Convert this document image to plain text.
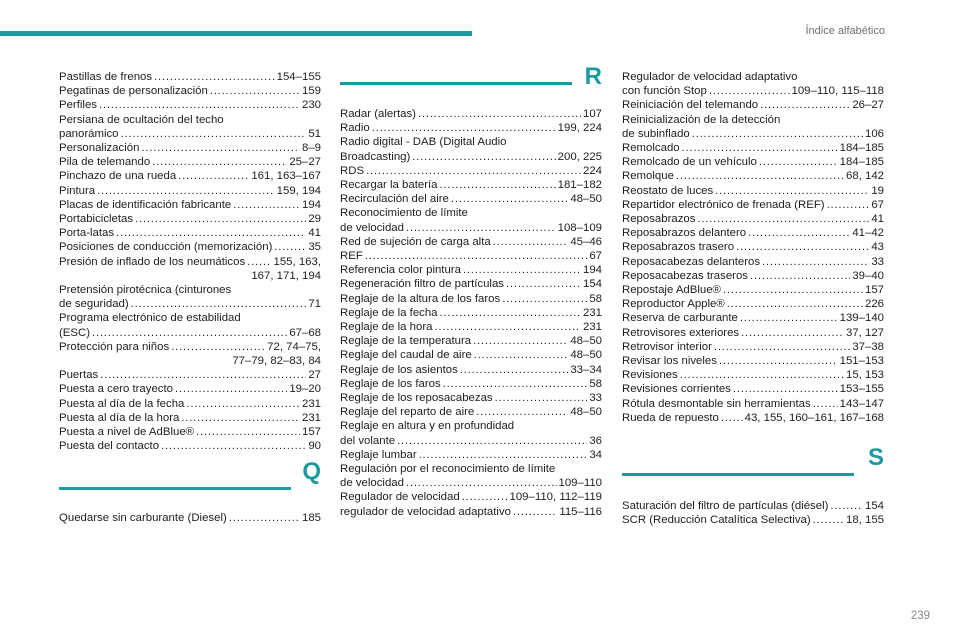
Índice alfabético
Pastillas de frenos . . .	154–155
Pegatinas de personalización . . .	159
Perfiles . . .	230
Persiana de ocultación del techo
panorámico . . .	51
Personalización . . .	8–9
Pila de telemando . . .	25–27
Pinchazo de una rueda . . .	161, 163–167
Pintura . . .	159, 194
Placas de identificación fabricante . . .	194
Portabicicletas . . .	29
Porta-latas . . .	41
Posiciones de conducción (memorización) . . .	35
Presión de inflado de los neumáticos . . . 155, 163,
167, 171, 194
Pretensión pirotécnica (cinturones
de seguridad) . . .	71
Programa electrónico de estabilidad
(ESC) . . .	67–68
Protección para niños . . .	72, 74–75,
77–79, 82–83, 84
Puertas . . .	27
Puesta a cero trayecto . . .	19–20
Puesta al día de la fecha . . .	231
Puesta al día de la hora . . .	231
Puesta a nivel de AdBlue® . . .	157
Puesta del contacto . . .	90
Q
Quedarse sin carburante (Diesel) . . .	185
R
Radar (alertas) . . .	107
Radio . . .	199, 224
Radio digital - DAB (Digital Audio
Broadcasting) . . .	200, 225
RDS . . .	224
Recargar la batería . . .	181–182
Recirculación del aire . . .	48–50
Reconocimiento de límite
de velocidad . . .	108–109
Red de sujeción de carga alta . . .	45–46
REF . . .	67
Referencia color pintura . . .	194
Regeneración filtro de partículas . . .	154
Reglaje de la altura de los faros . . .	58
Reglaje de la fecha . . .	231
Reglaje de la hora . . .	231
Reglaje de la temperatura . . .	48–50
Reglaje del caudal de aire . . .	48–50
Reglaje de los asientos . . .	33–34
Reglaje de los faros . . .	58
Reglaje de los reposacabezas . . .	33
Reglaje del reparto de aire . . .	48–50
Reglaje en altura y en profundidad
del volante . . .	36
Reglaje lumbar . . .	34
Regulación por el reconocimiento de límite
de velocidad . . .	109–110
Regulador de velocidad . . .	109–110, 112–119
regulador de velocidad adaptativo . . .	115–116
Regulador de velocidad adaptativo
con función Stop . . .	109–110, 115–118
Reiniciación del telemando . . .	26–27
Reinicialización de la detección
de subinflado . . .	106
Remolcado . . .	184–185
Remolcado de un vehículo . . .	184–185
Remolque . . .	68, 142
Reostato de luces . . .	19
Repartidor electrónico de frenada (REF) . . .	67
Reposabrazos . . .	41
Reposabrazos delantero . . .	41–42
Reposabrazos trasero . . .	43
Reposacabezas delanteros . . .	33
Reposacabezas traseros . . .	39–40
Repostaje AdBlue® . . .	157
Reproductor Apple® . . .	226
Reserva de carburante . . .	139–140
Retrovisores exteriores . . .	37, 127
Retrovisor interior . . .	37–38
Revisar los niveles . . .	151–153
Revisiones . . .	15, 153
Revisiones corrientes . . .	153–155
Rótula desmontable sin herramientas . . .	143–147
Rueda de repuesto . . . 43, 155, 160–161, 167–168
S
Saturación del filtro de partículas (diésel) . . .	154
SCR (Reducción Catalítica Selectiva) . . .	18, 155
239
